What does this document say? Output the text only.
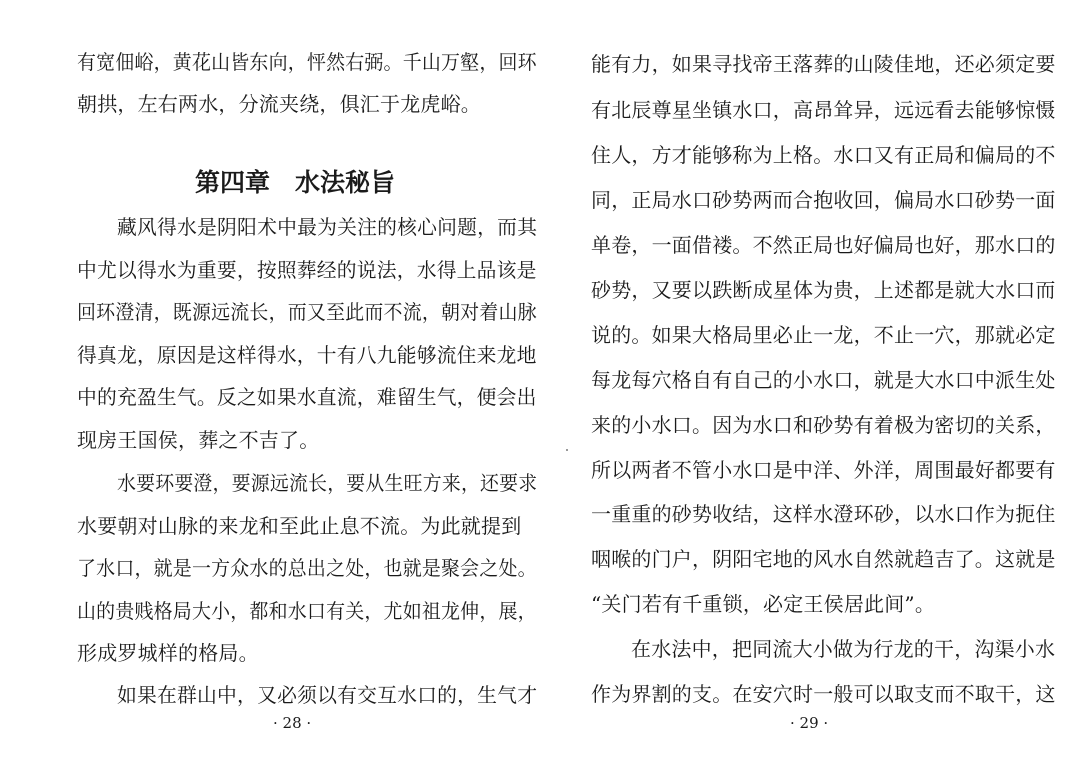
有宽佃峪，黄花山皆东向，怦然右弼。千山万壑，回环
朝拱，左右两水，分流夹绕，俱汇于龙虎峪。
第四章　水法秘旨
藏风得水是阴阳术中最为关注的核心问题，而其
中尤以得水为重要，按照葬经的说法，水得上品该是
回环澄清，既源远流长，而又至此而不流，朝对着山脉
得真龙，原因是这样得水，十有八九能够流住来龙地
中的充盈生气。反之如果水直流，难留生气，便会出
现房王国侯，葬之不吉了。
水要环要澄，要源远流长，要从生旺方来，还要求
水要朝对山脉的来龙和至此止息不流。为此就提到
了水口，就是一方众水的总出之处，也就是聚会之处。
山的贵贱格局大小，都和水口有关，尤如祖龙伸，展，
形成罗城样的格局。
如果在群山中，又必须以有交互水口的，生气才
· 28 ·
能有力，如果寻找帝王落葬的山陵佳地，还必须定要
有北辰尊星坐镇水口，高昂耸异，远远看去能够惊慑
住人，方才能够称为上格。水口又有正局和偏局的不
同，正局水口砂势两而合抱收回，偏局水口砂势一面
单卷，一面借褛。不然正局也好偏局也好，那水口的
砂势，又要以跌断成星体为贵，上述都是就大水口而
说的。如果大格局里必止一龙，不止一穴，那就必定
每龙每穴格自有自己的小水口，就是大水口中派生处
来的小水口。因为水口和砂势有着极为密切的关系，
所以两者不管小水口是中洋、外洋，周围最好都要有
一重重的砂势收结，这样水澄环砂，以水口作为扼住
咽喉的门户，阴阳宅地的风水自然就趋吉了。这就是
“关门若有千重锁，必定王侯居此间”。
在水法中，把同流大小做为行龙的干，沟渠小水
作为界割的支。在安穴时一般可以取支而不取干，这
· 29 ·
